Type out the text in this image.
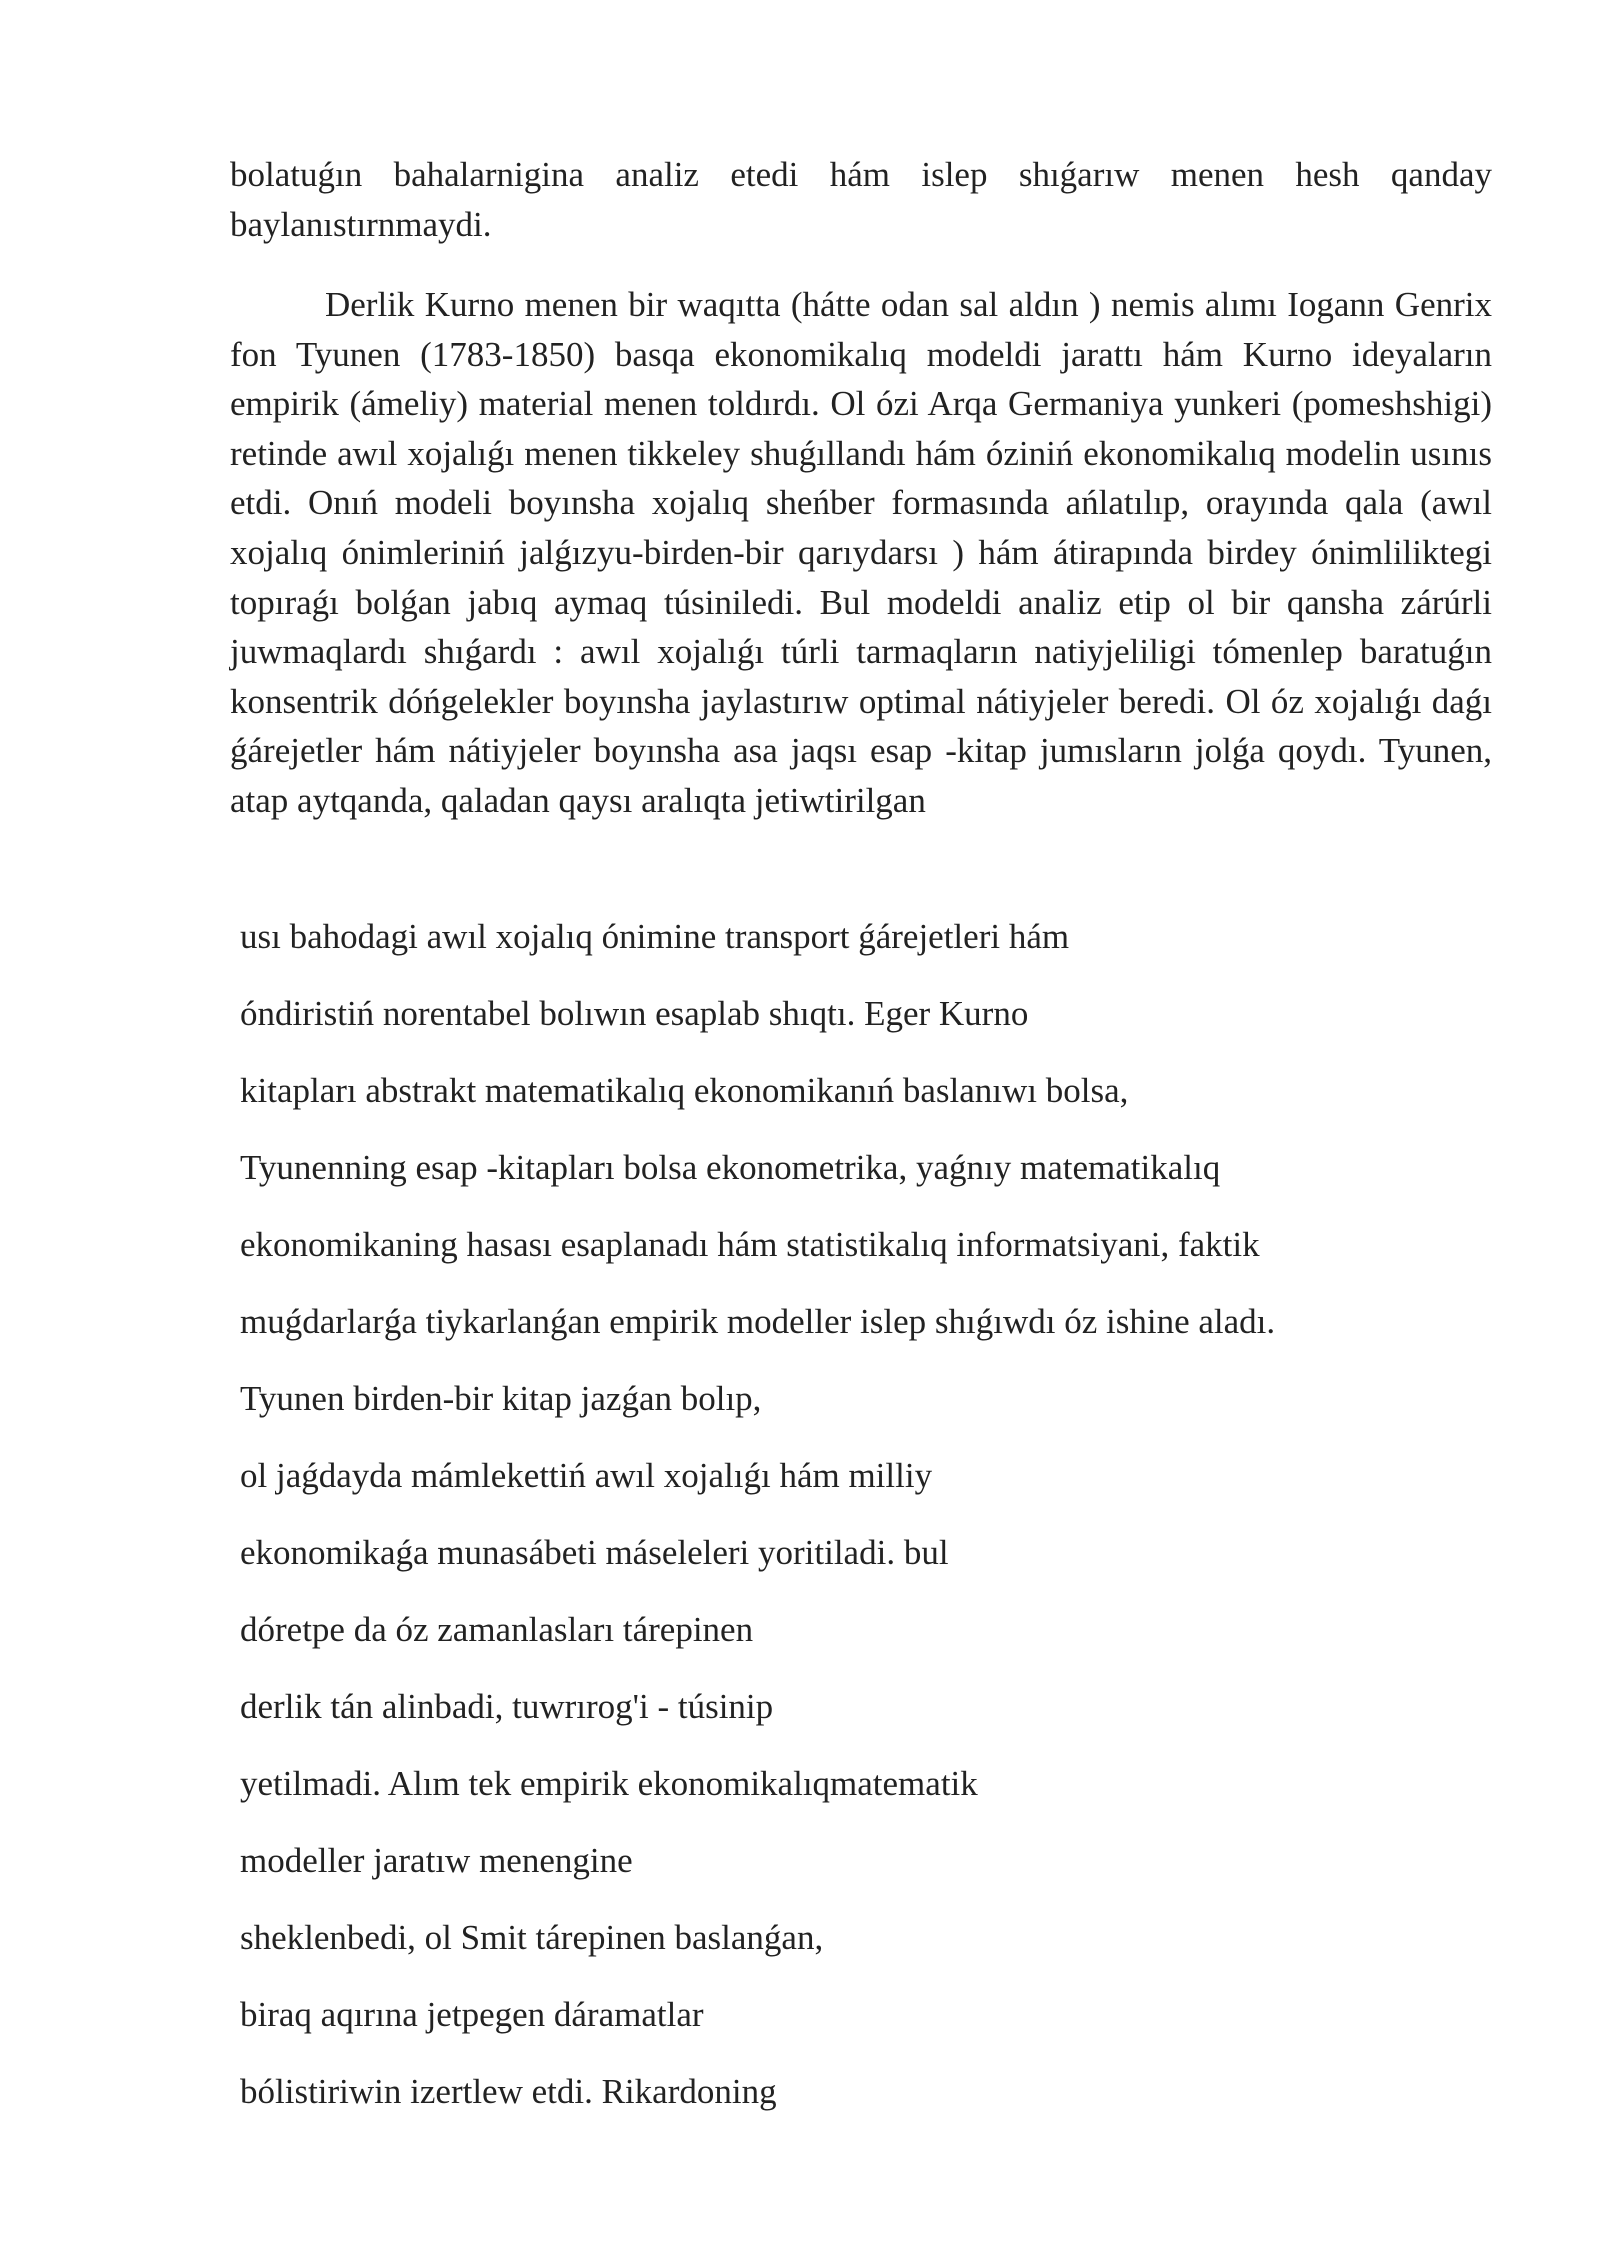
bolatuǵın bahalarnigina analiz etedi hám islep shıǵarıw menen hesh qanday baylanıstırnmaydi.

Derlik Kurno menen bir waqıtta (hátte odan sal aldın ) nemis alımı Iogann Genrix fon Tyunen (1783-1850) basqa ekonomikalıq modeldi jarattı hám Kurno ideyaların empirik (ámeliy) material menen toldırdı. Ol ózi Arqa Germaniya yunkeri (pomeshshigi) retinde awıl xojalıǵı menen tikkeley shuǵıllandı hám óziniń ekonomikalıq modelin usınıs etdi. Onıń modeli boyınsha xojalıq sheńber formasında ańlatılıp, orayında qala (awıl xojalıq ónimleriniń jalǵızyu-birden-bir qarıydarsı ) hám átirapında birdey ónimliliktegi topıraǵı bolǵan jabıq aymaq túsiniledi. Bul modeldi analiz etip ol bir qansha zárúrli juwmaqlardı shıǵardı : awıl xojalıǵı túrli tarmaqların natiyjeliligi tómenlep baratuǵın konsentrik dóńgelekler boyınsha jaylastırıw optimal nátiyjeler beredi. Ol óz xojalıǵı daǵı ǵárejetler hám nátiyjeler boyınsha asa jaqsı esap -kitap jumısların jolǵa qoydı. Tyunen, atap aytqanda, qaladan qaysı aralıqta jetiwtirilgan

usı bahodagi awıl xojalıq ónimine transport ǵárejetleri hám
óndiristiń norentabel bolıwın esaplab shıqtı. Eger Kurno
kitapları abstrakt matematikalıq ekonomikanıń baslanıwı bolsa,
Tyunenning esap -kitapları bolsa ekonometrika, yaǵnıy matematikalıq
ekonomikaning hasası esaplanadı hám statistikalıq informatsiyani, faktik
muǵdarlarǵa tiykarlanǵan empirik modeller islep shıǵıwdı óz ishine aladı.
Tyunen birden-bir kitap jazǵan bolıp,
ol jaǵdayda mámlekettiń awıl xojalıǵı hám milliy
ekonomikaǵa munasábeti máseleleri yoritiladi. bul
dóretpe da óz zamanlasları tárepinen
derlik tán alinbadi, tuwrırog'i - túsinip
yetilmadi. Alım tek empirik ekonomikalıqmatematik
modeller jaratıw menengine
sheklenbedi, ol Smit tárepinen baslanǵan,
biraq aqırına jetpegen dáramatlar
bólistiriwin izertlew etdi. Rikardoning
